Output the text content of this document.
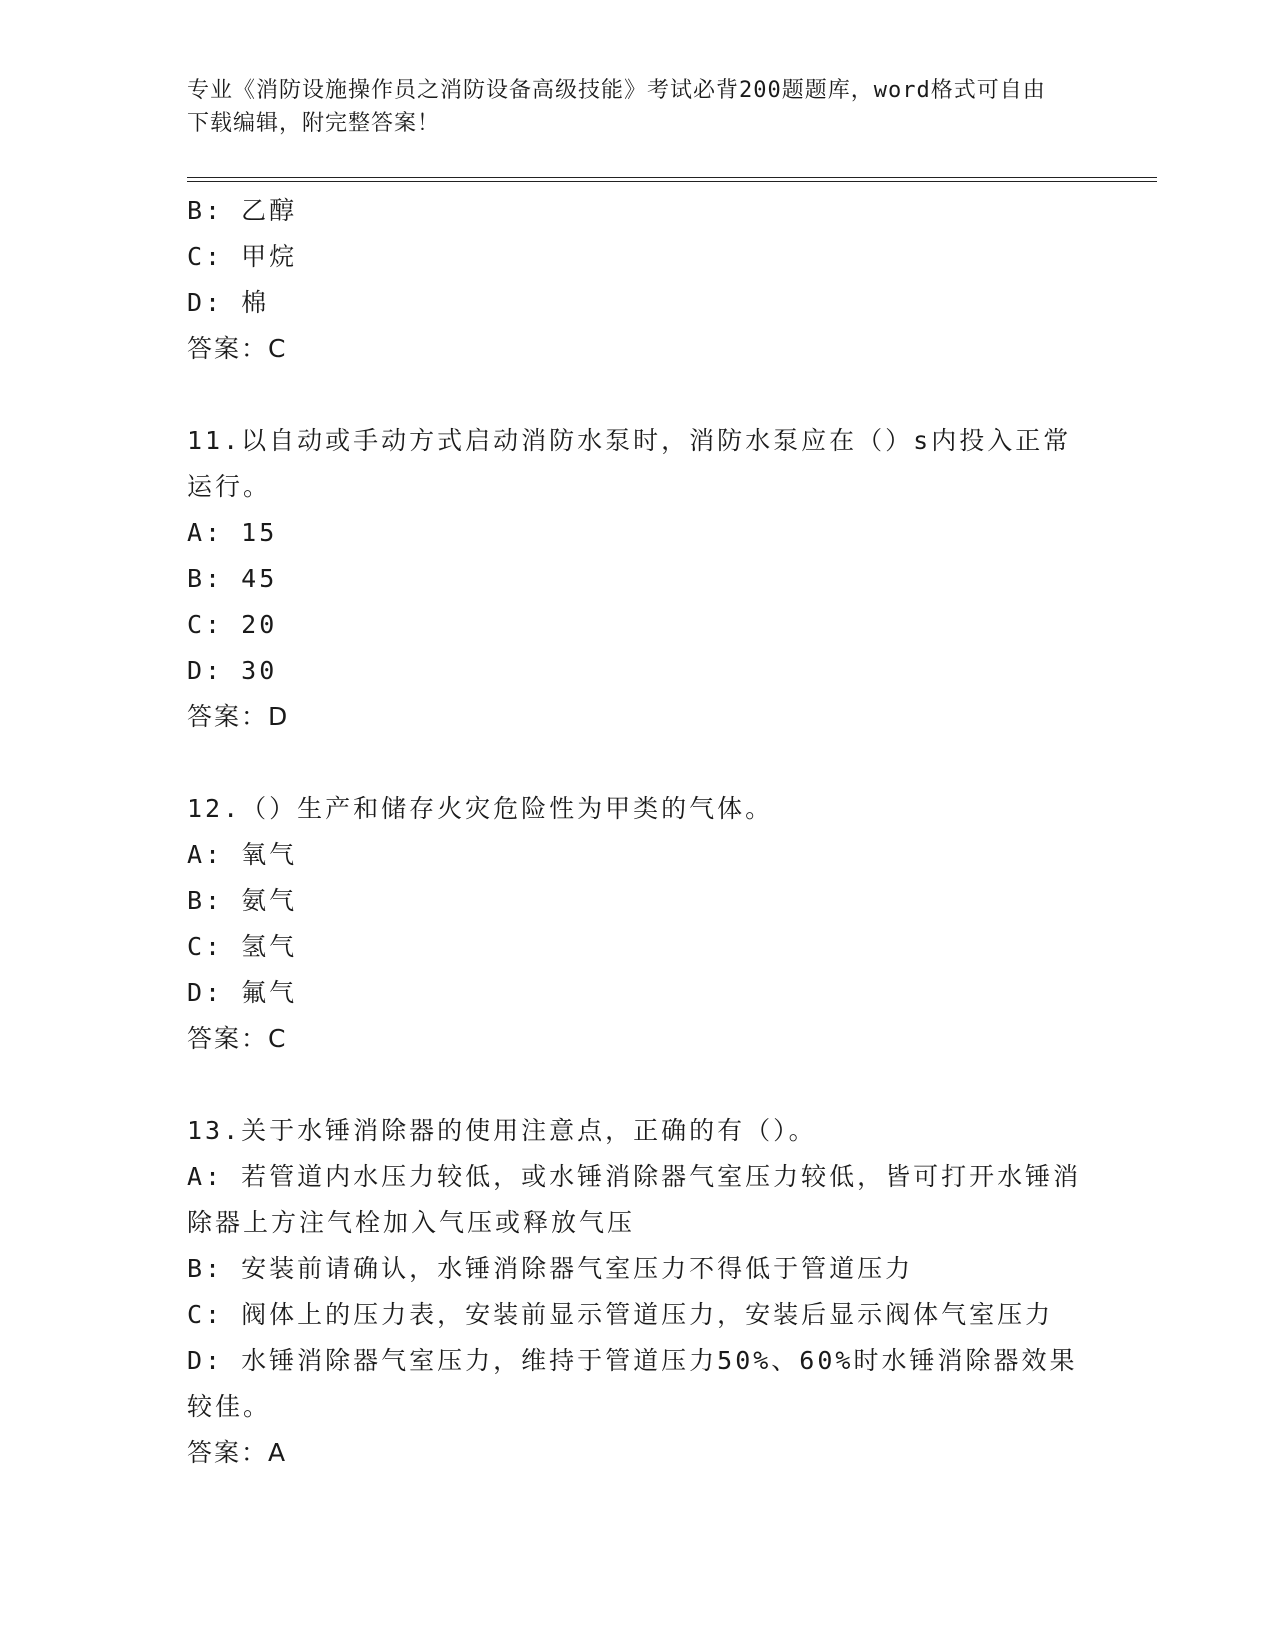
专业《消防设施操作员之消防设备高级技能》考试必背200题题库，word格式可自由下载编辑，附完整答案！
B: 乙醇
C: 甲烷
D: 棉
答案：C
11.以自动或手动方式启动消防水泵时，消防水泵应在（）s内投入正常运行。
A: 15
B: 45
C: 20
D: 30
答案：D
12.（）生产和储存火灾危险性为甲类的气体。
A: 氧气
B: 氨气
C: 氢气
D: 氟气
答案：C
13.关于水锤消除器的使用注意点，正确的有（）。
A: 若管道内水压力较低，或水锤消除器气室压力较低，皆可打开水锤消除器上方注气栓加入气压或释放气压
B: 安装前请确认，水锤消除器气室压力不得低于管道压力
C: 阀体上的压力表，安装前显示管道压力，安装后显示阀体气室压力
D: 水锤消除器气室压力，维持于管道压力50%、60%时水锤消除器效果较佳。
答案：A
